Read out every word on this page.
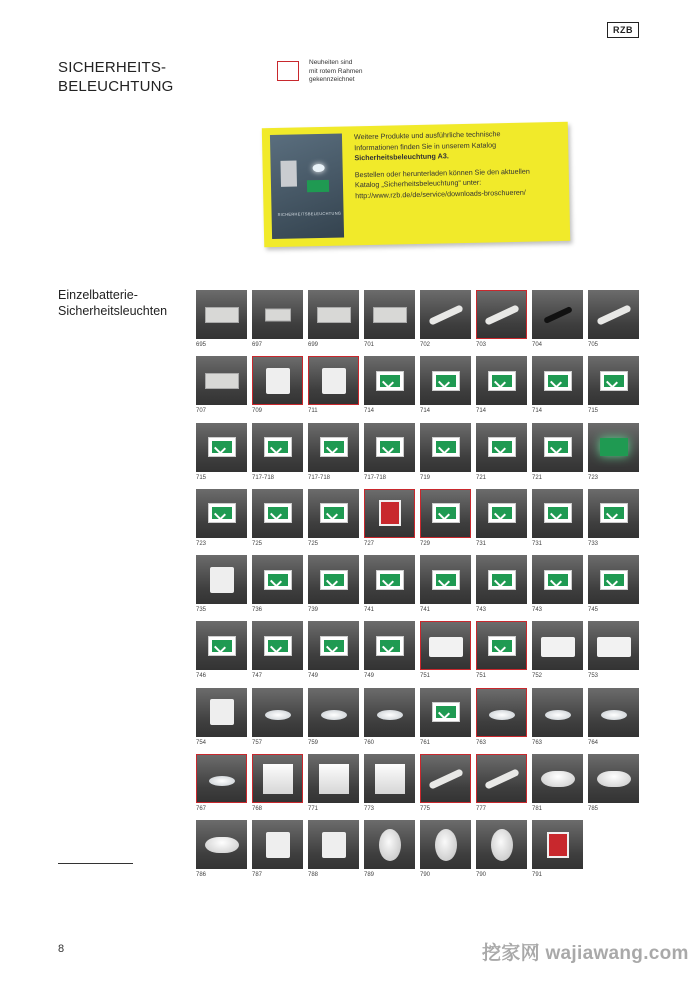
RZB
SICHERHEITS-
BELEUCHTUNG
Neuheiten sind
mit rotem Rahmen
gekennzeichnet
SICHERHEITSBELEUCHTUNG

Weitere Produkte und ausführliche technische
Informationen finden Sie in unserem Katalog
Sicherheitsbeleuchtung A3.

Bestellen oder herunterladen können Sie den aktuellen
Katalog „Sicherheitsbeleuchtung“ unter:
http://www.rzb.de/de/service/downloads-broschueren/

Einzelbatterie-
Sicherheitsleuchten
695	697	699	701	702	703	704	705
707	709	711	714	714	714	714	715
715	717-718	717-718	717-718	719	721	721	723
723	725	725	727	729	731	731	733
735	736	739	741	741	743	743	745
746	747	749	749	751	751	752	753
754	757	759	760	761	763	763	764
767	768	771	773	775	777	781	785
786	787	788	789	790	790	791
8	挖家网 wajiawang.com
